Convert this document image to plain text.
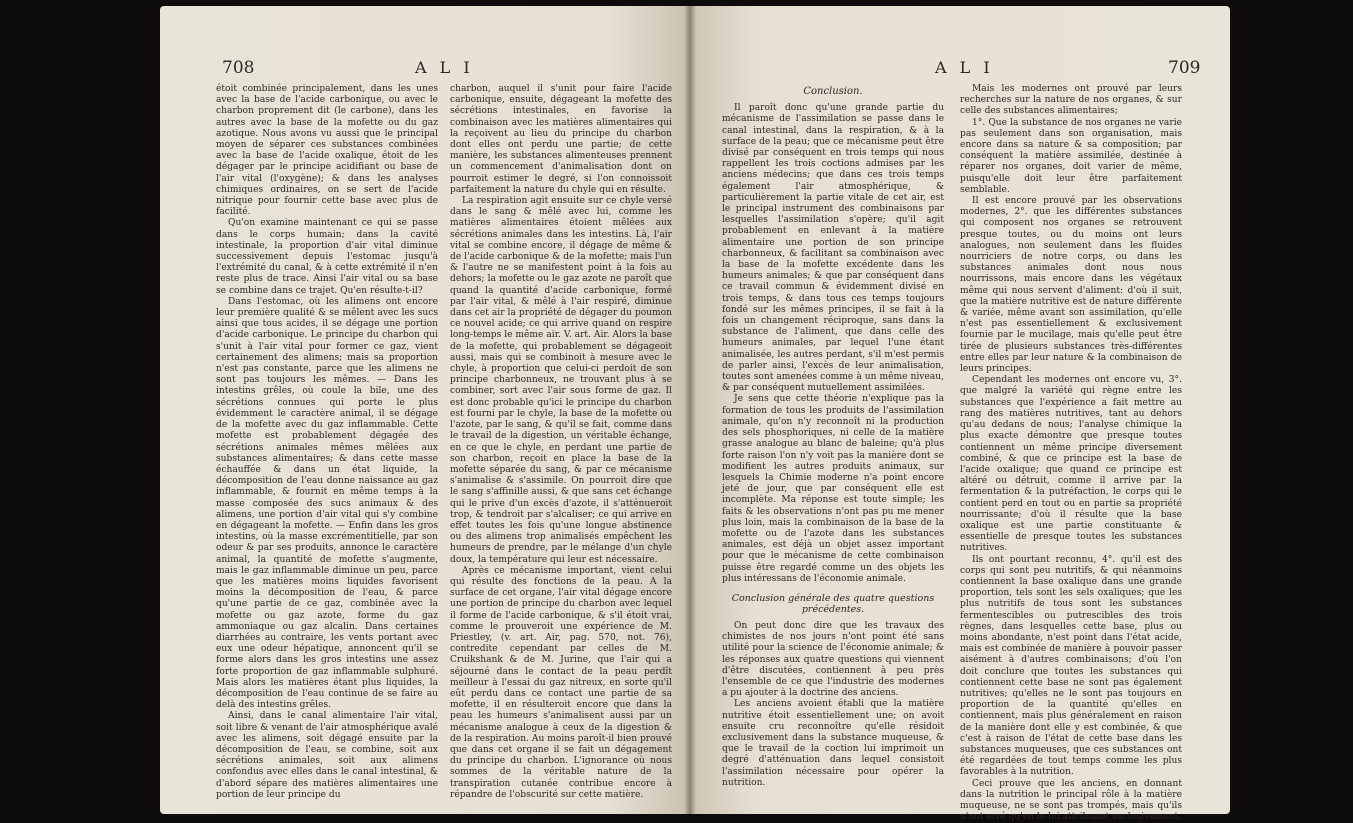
708	A L I

étoit combinée principalement, dans les unes avec la base de l'acide carbonique, ou avec le charbon proprement dit (le carbone), dans les autres avec la base de la mofette ou du gaz azotique. Nous avons vu aussi que le principal moyen de séparer ces substances combinées avec la base de l'acide oxalique, étoit de les dégager par le principe acidifiant ou base de l'air vital (l'oxygène); & dans les analyses chimiques ordinaires, on se sert de l'acide nitrique pour fournir cette base avec plus de facilité.

Qu'on examine maintenant ce qui se passe dans le corps humain; dans la cavité intestinale, la proportion d'air vital diminue successivement depuis l'estomac jusqu'à l'extrémité du canal, & à cette extrémité il n'en reste plus de trace. Ainsi l'air vital ou sa base se combine dans ce trajet. Qu'en résulte-t-il?

Dans l'estomac, où les alimens ont encore leur première qualité & se mêlent avec les sucs ainsi que tous acides, il se dégage une portion d'acide carbonique. Le principe du charbon qui s'unit à l'air vital pour former ce gaz, vient certainement des alimens; mais sa proportion n'est pas constante, parce que les alimens ne sont pas toujours les mêmes. — Dans les intestins grêles, où coule la bile, une des sécrétions connues qui porte le plus évidemment le caractère animal, il se dégage de la mofette avec du gaz inflammable. Cette mofette est probablement dégagée des sécrétions animales mêmes mêlées aux substances alimentaires; & dans cette masse échauffée & dans un état liquide, la décomposition de l'eau donne naissance au gaz inflammable, & fournit en même temps à la masse composée des sucs animaux & des alimens, une portion d'air vital qui s'y combine en dégageant la mofette. — Enfin dans les gros intestins, où la masse excrémentitielle, par son odeur & par ses produits, annonce le caractère animal, la quantité de mofette s'augmente, mais le gaz inflammable diminue un peu, parce que les matières moins liquides favorisent moins la décomposition de l'eau, & parce qu'une partie de ce gaz, combinée avec la mofette ou gaz azote, forme du gaz ammoniaque ou gaz alcalin. Dans certaines diarrhées au contraire, les vents portant avec eux une odeur hépatique, annoncent qu'il se forme alors dans les gros intestins une assez forte proportion de gaz inflammable sulphuré. Mais alors les matières étant plus liquides, la décomposition de l'eau continue de se faire au delà des intestins grêles.

Ainsi, dans le canal alimentaire l'air vital, soit libre & venant de l'air atmosphérique avalé avec les alimens, soit dégagé ensuite par la décomposition de l'eau, se combine, soit aux sécrétions animales, soit aux alimens confondus avec elles dans le canal intestinal, & d'abord sépare des matières alimentaires une portion de leur principe du

charbon, auquel il s'unit pour faire l'acide carbonique, ensuite, dégageant la mofette des sécrétions intestinales, en favorise la combinaison avec les matières alimentaires qui la reçoivent au lieu du principe du charbon dont elles ont perdu une partie; de cette manière, les substances alimenteuses prennent un commencement d'animalisation dont on pourroit estimer le degré, si l'on connoissoit parfaitement la nature du chyle qui en résulte.

La respiration agit ensuite sur ce chyle versé dans le sang & mêlé avec lui, comme les matières alimentaires étoient mêlées aux sécrétions animales dans les intestins. Là, l'air vital se combine encore, il dégage de même & de l'acide carbonique & de la mofette; mais l'un & l'autre ne se manifestent point à la fois au dehors; la mofette ou le gaz azote ne paroît que quand la quantité d'acide carbonique, formé par l'air vital, & mêlé à l'air respiré, diminue dans cet air la propriété de dégager du poumon ce nouvel acide; ce qui arrive quand on respire long-temps le même air. V. art. Air. Alors la base de la mofette, qui probablement se dégageoit aussi, mais qui se combinoit à mesure avec le chyle, à proportion que celui-ci perdoit de son principe charbonneux, ne trouvant plus à se combiner, sort avec l'air sous forme de gaz. Il est donc probable qu'ici le principe du charbon est fourni par le chyle, la base de la mofette ou l'azote, par le sang, & qu'il se fait, comme dans le travail de la digestion, un véritable échange, en ce que le chyle, en perdant une partie de son charbon, reçoit en place la base de la mofette séparée du sang, & par ce mécanisme s'animalise & s'assimile. On pourroit dire que le sang s'affinille aussi, & que sans cet échange qui le prive d'un excès d'azote, il s'atténueroit trop, & tendroit par s'alcaliser; ce qui arrive en effet toutes les fois qu'une longue abstinence ou des alimens trop animalisés empêchent les humeurs de prendre, par le mélange d'un chyle doux, la température qui leur est nécessaire.

Après ce mécanisme important, vient celui qui résulte des fonctions de la peau. A la surface de cet organe, l'air vital dégage encore une portion de principe du charbon avec lequel il forme de l'acide carbonique, & s'il étoit vrai, comme le prouveroit une expérience de M. Priestley, (v. art. Air, pag. 570, not. 76), contredite cependant par celles de M. Cruikshank & de M. Jurine, que l'air qui a séjourné dans le contact de la peau perdît meilleur à l'essai du gaz nitreux, en sorte qu'il eût perdu dans ce contact une partie de sa mofette, il en résulteroit encore que dans la peau les humeurs s'animalisent aussi par un mécanisme analogue à ceux de la digestion & de la respiration. Au moins paroît-il bien prouvé que dans cet organe il se fait un dégagement du principe du charbon. L'ignorance où nous sommes de la véritable nature de la transpiration cutanée contribue encore à répandre de l'obscurité sur cette matière.

A L I	709
Conclusion.

Il paroît donc qu'une grande partie du mécanisme de l'assimilation se passe dans le canal intestinal, dans la respiration, & à la surface de la peau; que ce mécanisme peut être divisé par conséquent en trois temps qui nous rappellent les trois coctions admises par les anciens médecins; que dans ces trois temps également l'air atmosphérique, & particulièrement la partie vitale de cet air, est le principal instrument des combinaisons par lesquelles l'assimilation s'opère; qu'il agit probablement en enlevant à la matière alimentaire une portion de son principe charbonneux, & facilitant sa combinaison avec la base de la mofette excédente dans les humeurs animales; & que par conséquent dans ce travail commun & évidemment divisé en trois temps, & dans tous ces temps toujours fondé sur les mêmes principes, il se fait à la fois un changement réciproque, sans dans la substance de l'aliment, que dans celle des humeurs animales, par lequel l'une étant animalisée, les autres perdant, s'il m'est permis de parler ainsi, l'excès de leur animalisation, toutes sont amenées comme à un même niveau, & par conséquent mutuellement assimilées.

Je sens que cette théorie n'explique pas la formation de tous les produits de l'assimilation animale, qu'on n'y reconnoît ni la production des sels phosphoriques, ni celle de la matière grasse analogue au blanc de baleine; qu'à plus forte raison l'on n'y voit pas la manière dont se modifient les autres produits animaux, sur lesquels la Chimie moderne n'a point encore jeté de jour, que par conséquent elle est incomplète. Ma réponse est toute simple; les faits & les observations n'ont pas pu me mener plus loin, mais la combinaison de la base de la mofette ou de l'azote dans les substances animales, est déjà un objet assez important pour que le mécanisme de cette combinaison puisse être regardé comme un des objets les plus intéressans de l'économie animale.

Conclusion générale des quatre questions précédentes.

On peut donc dire que les travaux des chimistes de nos jours n'ont point été sans utilité pour la science de l'économie animale; & les réponses aux quatre questions qui viennent d'être discutées, contiennent à peu près l'ensemble de ce que l'industrie des modernes a pu ajouter à la doctrine des anciens.

Les anciens avoient établi que la matière nutritive étoit essentiellement une; on avoit ensuite cru reconnoître qu'elle résidoit exclusivement dans la substance muqueuse, & que le travail de la coction lui imprimoit un degré d'atténuation dans lequel consistoit l'assimilation nécessaire pour opérer la nutrition.

Mais les modernes ont prouvé par leurs recherches sur la nature de nos organes, & sur celle des substances alimentaires;

1°. Que la substance de nos organes ne varie pas seulement dans son organisation, mais encore dans sa nature & sa composition; par conséquent la matière assimilée, destinée à réparer nos organes, doit varier de même, puisqu'elle doit leur être parfaitement semblable.

Il est encore prouvé par les observations modernes, 2°. que les différentes substances qui composent nos organes se retrouvent presque toutes, ou du moins ont leurs analogues, non seulement dans les fluides nourriciers de notre corps, ou dans les substances animales dont nous nous nourrissons, mais encore dans les végétaux même qui nous servent d'aliment: d'où il suit, que la matière nutritive est de nature différente & variée, même avant son assimilation, qu'elle n'est pas essentiellement & exclusivement fournie par le mucilage, mais qu'elle peut être tirée de plusieurs substances très-différentes entre elles par leur nature & la combinaison de leurs principes.

Cependant les modernes ont encore vu, 3°. que malgré la variété qui règne entre les substances que l'expérience a fait mettre au rang des matières nutritives, tant au dehors qu'au dedans de nous; l'analyse chimique la plus exacte démontre que presque toutes contiennent un même principe diversement combiné, & que ce principe est la base de l'acide oxalique; que quand ce principe est altéré ou détruit, comme il arrive par la fermentation & la putréfaction, le corps qui le contient perd en tout ou en partie sa propriété nourrissante; d'où il résulte que la base oxalique est une partie constituante & essentielle de presque toutes les substances nutritives.

Ils ont pourtant reconnu, 4°. qu'il est des corps qui sont peu nutritifs, & qui néanmoins contiennent la base oxalique dans une grande proportion, tels sont les sels oxaliques; que les plus nutritifs de tous sont les substances fermentescibles ou putrescibles des trois règnes, dans lesquelles cette base, plus ou moins abondante, n'est point dans l'état acide, mais est combinée de manière à pouvoir passer aisément à d'autres combinaisons; d'où l'on doit conclure que toutes les substances qui contiennent cette base ne sont pas également nutritives; qu'elles ne le sont pas toujours en proportion de la quantité qu'elles en contiennent, mais plus généralement en raison de la manière dont elle y est combinée, & que c'est à raison de l'état de cette base dans les substances muqueuses, que ces substances ont été regardées de tout temps comme les plus favorables à la nutrition.

Ceci prouve que les anciens, en donnant dans la nutrition le principal rôle à la matière muqueuse, ne se sont pas trompés, mais qu'ils n'ont erré qu'en le lui attribuant exclusivement.
